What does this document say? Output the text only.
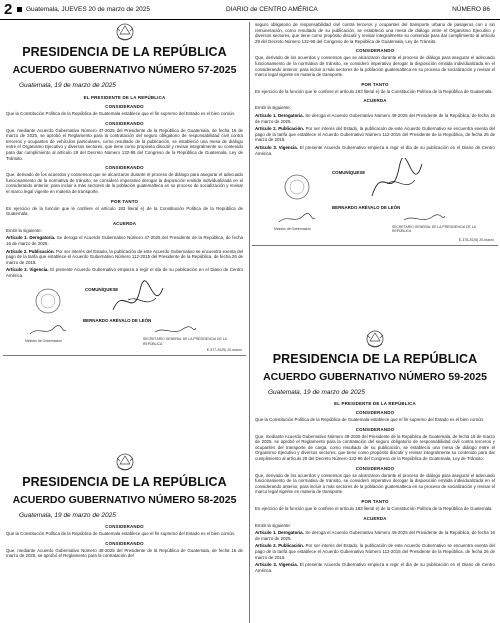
2 Guatemala, JUEVES 20 de marzo de 2025	DIARIO de CENTRO AMÉRICA	NÚMERO 86
PRESIDENCIA DE LA REPÚBLICA
ACUERDO GUBERNATIVO NÚMERO 57-2025
Guatemala, 19 de marzo de 2025
EL PRESIDENTE DE LA REPÚBLICA
CONSIDERANDO

Que la Constitución Política de la República de Guatemala establece que el fin supremo del Estado es el bien común.

CONSIDERANDO

Que, mediante Acuerdo Gubernativo Número 47-2025 del Presidente de la República de Guatemala, de fecha 16 de marzo de 2025, se aprobó el Reglamento para la contratación del seguro obligatorio de responsabilidad civil contra terceros y ocupantes de vehículos particulares, como resultado de la publicación, se estableció una mesa de diálogo entre el Organismo Ejecutivo y diversos sectores, que tiene como propósito discutir y revisar integralmente su contenido para dar cumplimiento al artículo 29 del Decreto Número 132-96 del Congreso de la República de Guatemala, Ley de Tránsito.

CONSIDERANDO

Que, derivado de los acuerdos y consensos que se alcanzaron durante el proceso de diálogo para asegurar el adecuado funcionamiento de la normativa de tránsito, se consideró imperativo derogar la disposición emitida individualizada en el considerando anterior, para incluir a más sectores de la población guatemalteca en su proceso de socialización y revisar el marco legal vigente en materia de transporte.

POR TANTO

En ejercicio de la función que le confiere el artículo 183 literal e) de la Constitución Política de la República de Guatemala.

ACUERDA

Emitir la siguiente:

Artículo 1. Derogatoria. Se deroga el Acuerdo Gubernativo Número 47-2025 del Presidente de la República, de fecha 16 de marzo de 2025.

Artículo 2. Publicación. Por ser interés del Estado, la publicación de este Acuerdo Gubernativo se encuentra exenta del pago de la tarifa que establece el Acuerdo Gubernativo Número 112-2015 del Presidente de la República, de fecha 26 de marzo de 2015.

Artículo 3. Vigencia. El presente Acuerdo Gubernativo empieza a regir el día de su publicación en el Diario de Centro América.

COMUNÍQUESE
BERNARDO ARÉVALO DE LEÓN
Ministro de Gobernación	SECRETARIO GENERAL DE LA PRESIDENCIA DE LA REPÚBLICA
E-377-2025) 20-marzo
PRESIDENCIA DE LA REPÚBLICA
ACUERDO GUBERNATIVO NÚMERO 58-2025
Guatemala, 19 de marzo de 2025
CONSIDERANDO

Que la Constitución Política de la República de Guatemala establece que el fin supremo del Estado es el bien común.

CONSIDERANDO

Que, mediante Acuerdo Gubernativo Número 48-2025 del Presidente de la República de Guatemala, de fecha 16 de marzo de 2025, se aprobó el Reglamento para la contratación del

seguro obligatorio de responsabilidad civil contra terceros y ocupantes del transporte urbano de pasajeros con o sin remuneración, como resultado de su publicación, se estableció una mesa de diálogo entre el Organismo Ejecutivo y diversos sectores, que tiene como propósito discutir y revisar integralmente su contenido para dar cumplimiento al artículo 29 del Decreto Número 132-96 del Congreso de la República de Guatemala, Ley de Tránsito.

CONSIDERANDO

Que, derivado de los acuerdos y consensos que se alcanzaron durante el proceso de diálogo para asegurar el adecuado funcionamiento de la normativa de tránsito, se consideró imperativo derogar la disposición emitida individualizada en el considerando anterior, para incluir a más sectores de la población guatemalteca en su proceso de socialización y revisar el marco legal vigente en materia de transporte.

POR TANTO

En ejercicio de la función que le confiere el artículo 183 literal e) de la Constitución Política de la República de Guatemala.

ACUERDA

Emitir la siguiente:

Artículo 1. Derogatoria. Se deroga el Acuerdo Gubernativo Número 48-2025 del Presidente de la República, de fecha 16 de marzo de 2025.

Artículo 2. Publicación. Por ser interés del Estado, la publicación de este Acuerdo Gubernativo se encuentra exenta del pago de la tarifa que establece el Acuerdo Gubernativo Número 112-2015 del Presidente de la República, de fecha 26 de marzo de 2015.

Artículo 3. Vigencia. El presente Acuerdo Gubernativo empieza a regir el día de su publicación en el Diario de Centro América.

COMUNÍQUESE
BERNARDO ARÉVALO DE LEÓN
Ministro de Gobernación	SECRETARIO GENERAL DE LA PRESIDENCIA DE LA REPÚBLICA
E-378-2025) 20-marzo
PRESIDENCIA DE LA REPÚBLICA
ACUERDO GUBERNATIVO NÚMERO 59-2025
Guatemala, 19 de marzo de 2025
EL PRESIDENTE DE LA REPÚBLICA
CONSIDERANDO

Que la Constitución Política de la República de Guatemala establece que el fin supremo del Estado es el bien común.

CONSIDERANDO

Que, mediante Acuerdo Gubernativo Número 49-2025 del Presidente de la República de Guatemala, de fecha 16 de marzo de 2025, se aprobó el Reglamento para la contratación del seguro obligatorio de responsabilidad civil contra terceros y ocupantes del transporte de carga, como resultado de su publicación, se estableció una mesa de diálogo entre el Organismo Ejecutivo y diversos sectores, que tiene como propósito discutir y revisar integralmente su contenido para dar cumplimiento al artículo 29 del Decreto Número 132-96 del Congreso de la República de Guatemala, Ley de Tránsito.

CONSIDERANDO

Que, derivado de los acuerdos y consensos que se alcanzaron durante el proceso de diálogo para asegurar el adecuado funcionamiento de la normativa de tránsito, se consideró imperativo derogar la disposición emitida individualizada en el considerando anterior, para incluir a más sectores de la población guatemalteca en su proceso de socialización y revisar el marco legal vigente en materia de transporte.

POR TANTO

En ejercicio de la función que le confiere el artículo 183 literal e) de la Constitución Política de la República de Guatemala.

ACUERDA

Emitir la siguiente:

Artículo 1. Derogatoria. Se deroga el Acuerdo Gubernativo Número 49-2025 del Presidente de la República, de fecha 16 de marzo de 2025.

Artículo 2. Publicación. Por ser interés del Estado, la publicación de este Acuerdo Gubernativo se encuentra exenta del pago de la tarifa que establece el Acuerdo Gubernativo Número 112-2015 del Presidente de la República, de fecha 26 de marzo de 2015.

Artículo 3. Vigencia. El presente Acuerdo Gubernativo empieza a regir el día de su publicación en el Diario de Centro América.
